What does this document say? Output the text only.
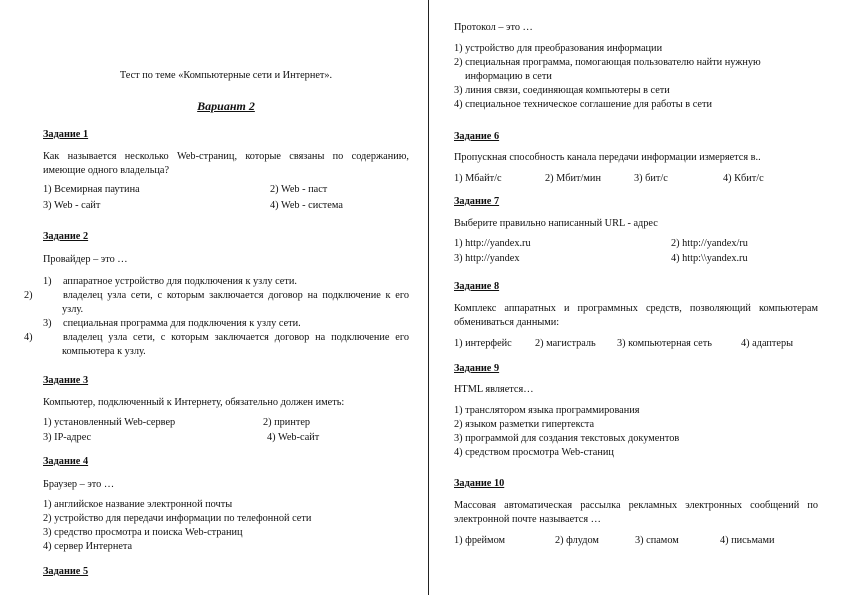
Тест по теме «Компьютерные сети и Интернет».
Вариант 2
Задание 1
Как называется несколько Web-страниц, которые связаны по содержанию, имеющие одного владельца?
1) Всемирная паутина	2) Web - паст
3) Web - сайт	4) Web - система
Задание 2
Провайдер – это …
1)	аппаратное устройство для подключения к узлу сети.
2)	владелец узла сети, с которым заключается договор на подключение к его узлу.
3)	специальная программа для подключения к узлу сети.
4)	владелец узла сети, с которым заключается договор на подключение его компьютера к узлу.
Задание 3
Компьютер, подключенный к Интернету, обязательно должен иметь:
1) установленный Web-сервер	2) принтер
3) IP-адрес	4) Web-сайт
Задание 4
Браузер – это …
1) английское название электронной почты
2) устройство для передачи информации по телефонной сети
3) средство просмотра и поиска Web-страниц
4) сервер Интернета
Задание 5
Протокол – это …
1) устройство для преобразования информации
2) специальная программа, помогающая пользователю найти нужную
информацию в сети
3) линия связи, соединяющая компьютеры в сети
4) специальное техническое соглашение для работы в сети
Задание 6
Пропускная способность канала передачи информации измеряется в..
1) Мбайт/с	2) Мбит/мин	3) бит/с	4) Кбит/с
Задание 7
Выберите правильно написанный URL - адрес
1) http://yandex.ru	2) http://yandex/ru
3) http://yandex	4) http:\\yandex.ru
Задание 8
Комплекс аппаратных и программных средств, позволяющий компьютерам обмениваться данными:
1) интерфейс	2) магистраль	3) компьютерная сеть	4) адаптеры
Задание 9
HTML является…
1) транслятором языка программирования
2) языком разметки гипертекста
3) программой для создания текстовых документов
4) средством просмотра Web-станиц
Задание 10
Массовая автоматическая рассылка рекламных электронных сообщений по электронной почте называется …
1) фреймом	2) флудом	3) спамом	4) письмами
